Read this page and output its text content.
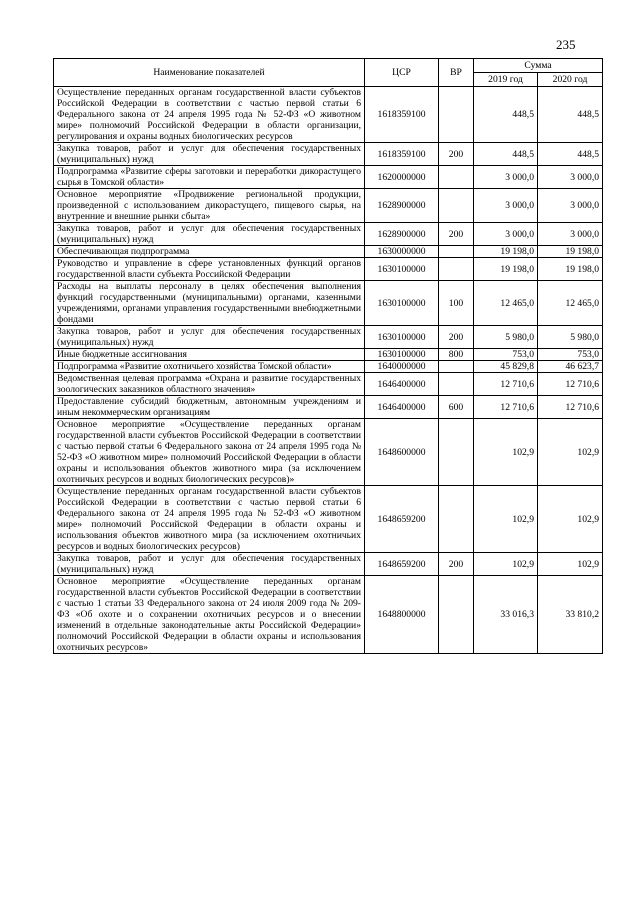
235
Наименование показателей	ЦСР	ВР	Сумма	
			2019 год	2020 год
Осуществление переданных органам государственной власти субъектов Российской Федерации в соответствии с частью первой статьи 6 Федерального закона от 24 апреля 1995 года № 52-ФЗ «О животном мире» полномочий Российской Федерации в области организации, регулирования и охраны водных биологических ресурсов	1618359100		448,5	448,5
Закупка товаров, работ и услуг для обеспечения государственных (муниципальных) нужд	1618359100	200	448,5	448,5
Подпрограмма «Развитие сферы заготовки и переработки дикорастущего сырья в Томской области»	1620000000		3 000,0	3 000,0
Основное мероприятие «Продвижение региональной продукции, произведенной с использованием дикорастущего, пищевого сырья, на внутренние и внешние рынки сбыта»	1628900000		3 000,0	3 000,0
Закупка товаров, работ и услуг для обеспечения государственных (муниципальных) нужд	1628900000	200	3 000,0	3 000,0
Обеспечивающая подпрограмма	1630000000		19 198,0	19 198,0
Руководство и управление в сфере установленных функций органов государственной власти субъекта Российской Федерации	1630100000		19 198,0	19 198,0
Расходы на выплаты персоналу в целях обеспечения выполнения функций государственными (муниципальными) органами, казенными учреждениями, органами управления государственными внебюджетными фондами	1630100000	100	12 465,0	12 465,0
Закупка товаров, работ и услуг для обеспечения государственных (муниципальных) нужд	1630100000	200	5 980,0	5 980,0
Иные бюджетные ассигнования	1630100000	800	753,0	753,0
Подпрограмма «Развитие охотничьего хозяйства Томской области»	1640000000		45 829,8	46 623,7
Ведомственная целевая программа «Охрана и развитие государственных зоологических заказников областного значения»	1646400000		12 710,6	12 710,6
Предоставление субсидий бюджетным, автономным учреждениям и иным некоммерческим организациям	1646400000	600	12 710,6	12 710,6
Основное мероприятие «Осуществление переданных органам государственной власти субъектов Российской Федерации в соответствии с частью первой статьи 6 Федерального закона от 24 апреля 1995 года № 52-ФЗ «О животном мире» полномочий Российской Федерации в области охраны и использования объектов животного мира (за исключением охотничьих ресурсов и водных биологических ресурсов)»	1648600000		102,9	102,9
Осуществление переданных органам государственной власти субъектов Российской Федерации в соответствии с частью первой статьи 6 Федерального закона от 24 апреля 1995 года № 52-ФЗ «О животном мире» полномочий Российской Федерации в области охраны и использования объектов животного мира (за исключением охотничьих ресурсов и водных биологических ресурсов)	1648659200		102,9	102,9
Закупка товаров, работ и услуг для обеспечения государственных (муниципальных) нужд	1648659200	200	102,9	102,9
Основное мероприятие «Осуществление переданных органам государственной власти субъектов Российской Федерации в соответствии с частью 1 статьи 33 Федерального закона от 24 июля 2009 года № 209-ФЗ «Об охоте и о сохранении охотничьих ресурсов и о внесении изменений в отдельные законодательные акты Российской Федерации» полномочий Российской Федерации в области охраны и использования охотничьих ресурсов»	1648800000		33 016,3	33 810,2
